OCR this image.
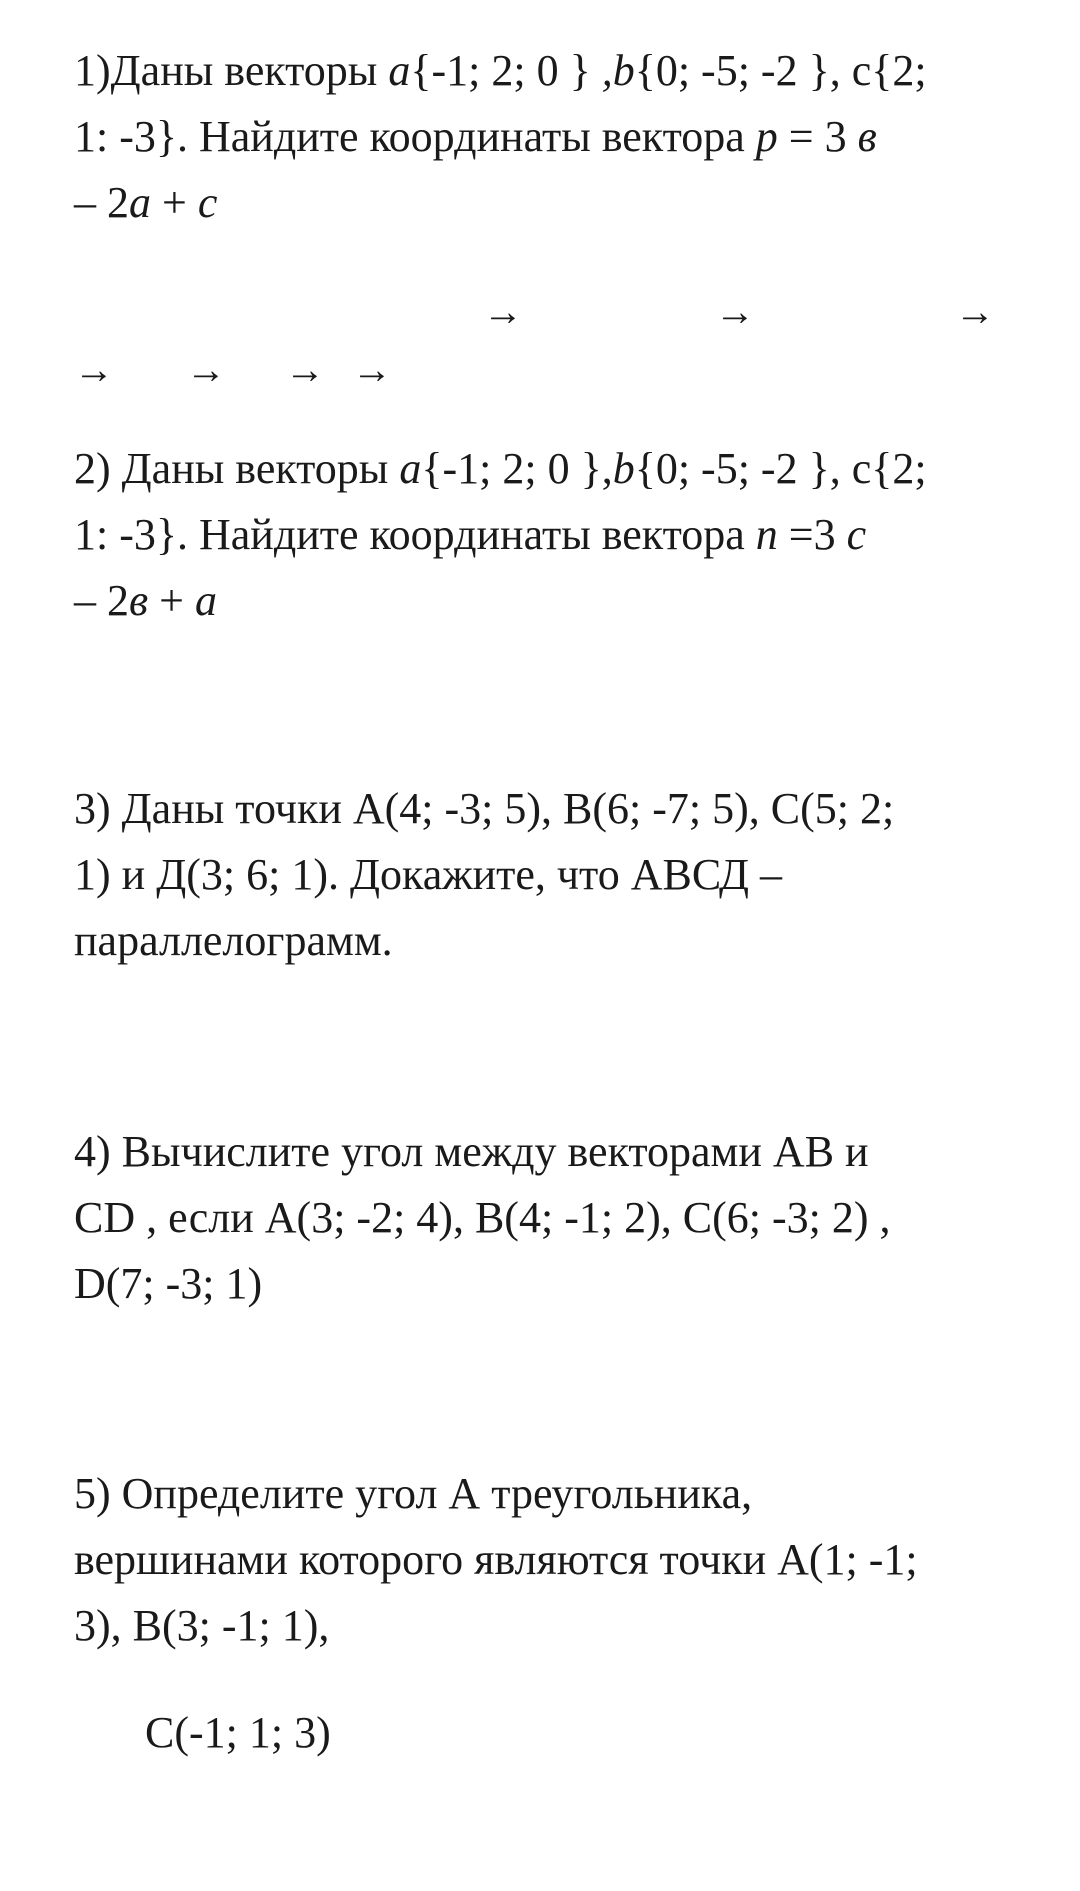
1)Даны векторы a{-1; 2; 0 } ,b{0; -5; -2 }, c{2;
1: -3}. Найдите координаты вектора p = 3 в
– 2a + c
→	→	→
→ → → →
2) Даны векторы a{-1; 2; 0 },b{0; -5; -2 }, c{2;
1: -3}. Найдите координаты вектора п =3 c
– 2в + a
3) Даны точки А(4; -3; 5), В(6; -7; 5), С(5; 2;
1) и Д(3; 6; 1). Докажите, что АВСД –
параллелограмм.
4) Вычислите угол между векторами AB и
CD , если A(3; -2; 4), B(4; -1; 2), C(6; -3; 2) ,
D(7; -3; 1)
5) Определите угол А треугольника,
вершинами которого являются точки А(1; -1;
3), В(3; -1; 1),
C(-1; 1; 3)
